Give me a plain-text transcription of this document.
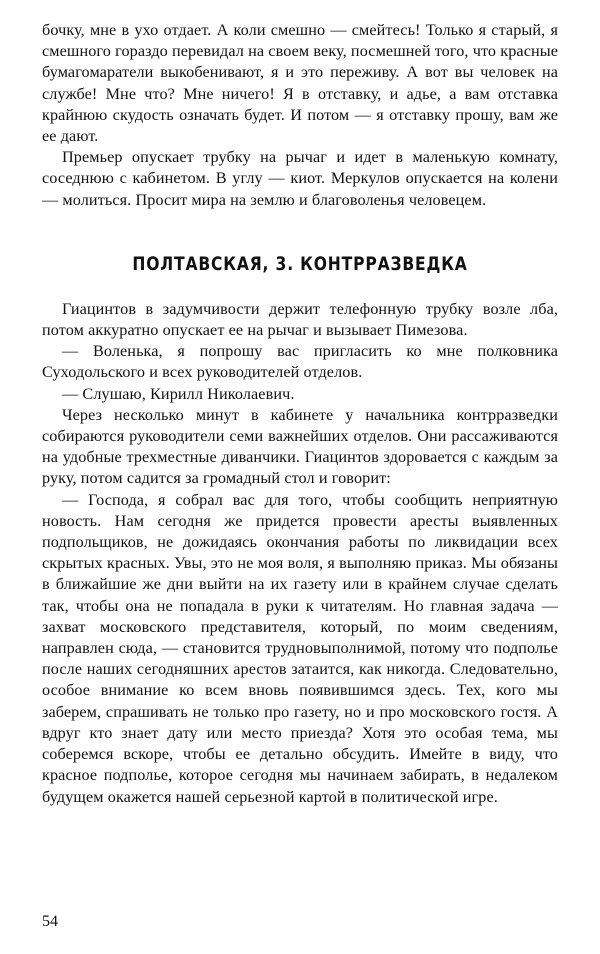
бочку, мне в ухо отдает. А коли смешно — смейтесь! Только я старый, я смешного гораздо перевидал на своем веку, посмешней того, что красные бумагомаратели выкобенивают, я и это переживу. А вот вы человек на службе! Мне что? Мне ничего! Я в отставку, и адье, а вам отставка крайнюю скудость означать будет. И потом — я отставку прошу, вам же ее дают.

Премьер опускает трубку на рычаг и идет в маленькую комнату, соседнюю с кабинетом. В углу — киот. Меркулов опускается на колени — молиться. Просит мира на землю и благоволенья человецем.

ПОЛТАВСКАЯ, 3. КОНТРРАЗВЕДКА

Гиацинтов в задумчивости держит телефонную трубку возле лба, потом аккуратно опускает ее на рычаг и вызывает Пимезова.

— Воленька, я попрошу вас пригласить ко мне полковника Суходольского и всех руководителей отделов.

— Слушаю, Кирилл Николаевич.

Через несколько минут в кабинете у начальника контрразведки собираются руководители семи важнейших отделов. Они рассаживаются на удобные трехместные диванчики. Гиацинтов здоровается с каждым за руку, потом садится за громадный стол и говорит:

— Господа, я собрал вас для того, чтобы сообщить неприятную новость. Нам сегодня же придется провести аресты выявленных подпольщиков, не дожидаясь окончания работы по ликвидации всех скрытых красных. Увы, это не моя воля, я выполняю приказ. Мы обязаны в ближайшие же дни выйти на их газету или в крайнем случае сделать так, чтобы она не попадала в руки к читателям. Но главная задача — захват московского представителя, который, по моим сведениям, направлен сюда, — становится трудновыполнимой, потому что подполье после наших сегодняшних арестов затаится, как никогда. Следовательно, особое внимание ко всем вновь появившимся здесь. Тех, кого мы заберем, спрашивать не только про газету, но и про московского гостя. А вдруг кто знает дату или место приезда? Хотя это особая тема, мы соберемся вскоре, чтобы ее детально обсудить. Имейте в виду, что красное подполье, которое сегодня мы начинаем забирать, в недалеком будущем окажется нашей серьезной картой в политической игре.

54
